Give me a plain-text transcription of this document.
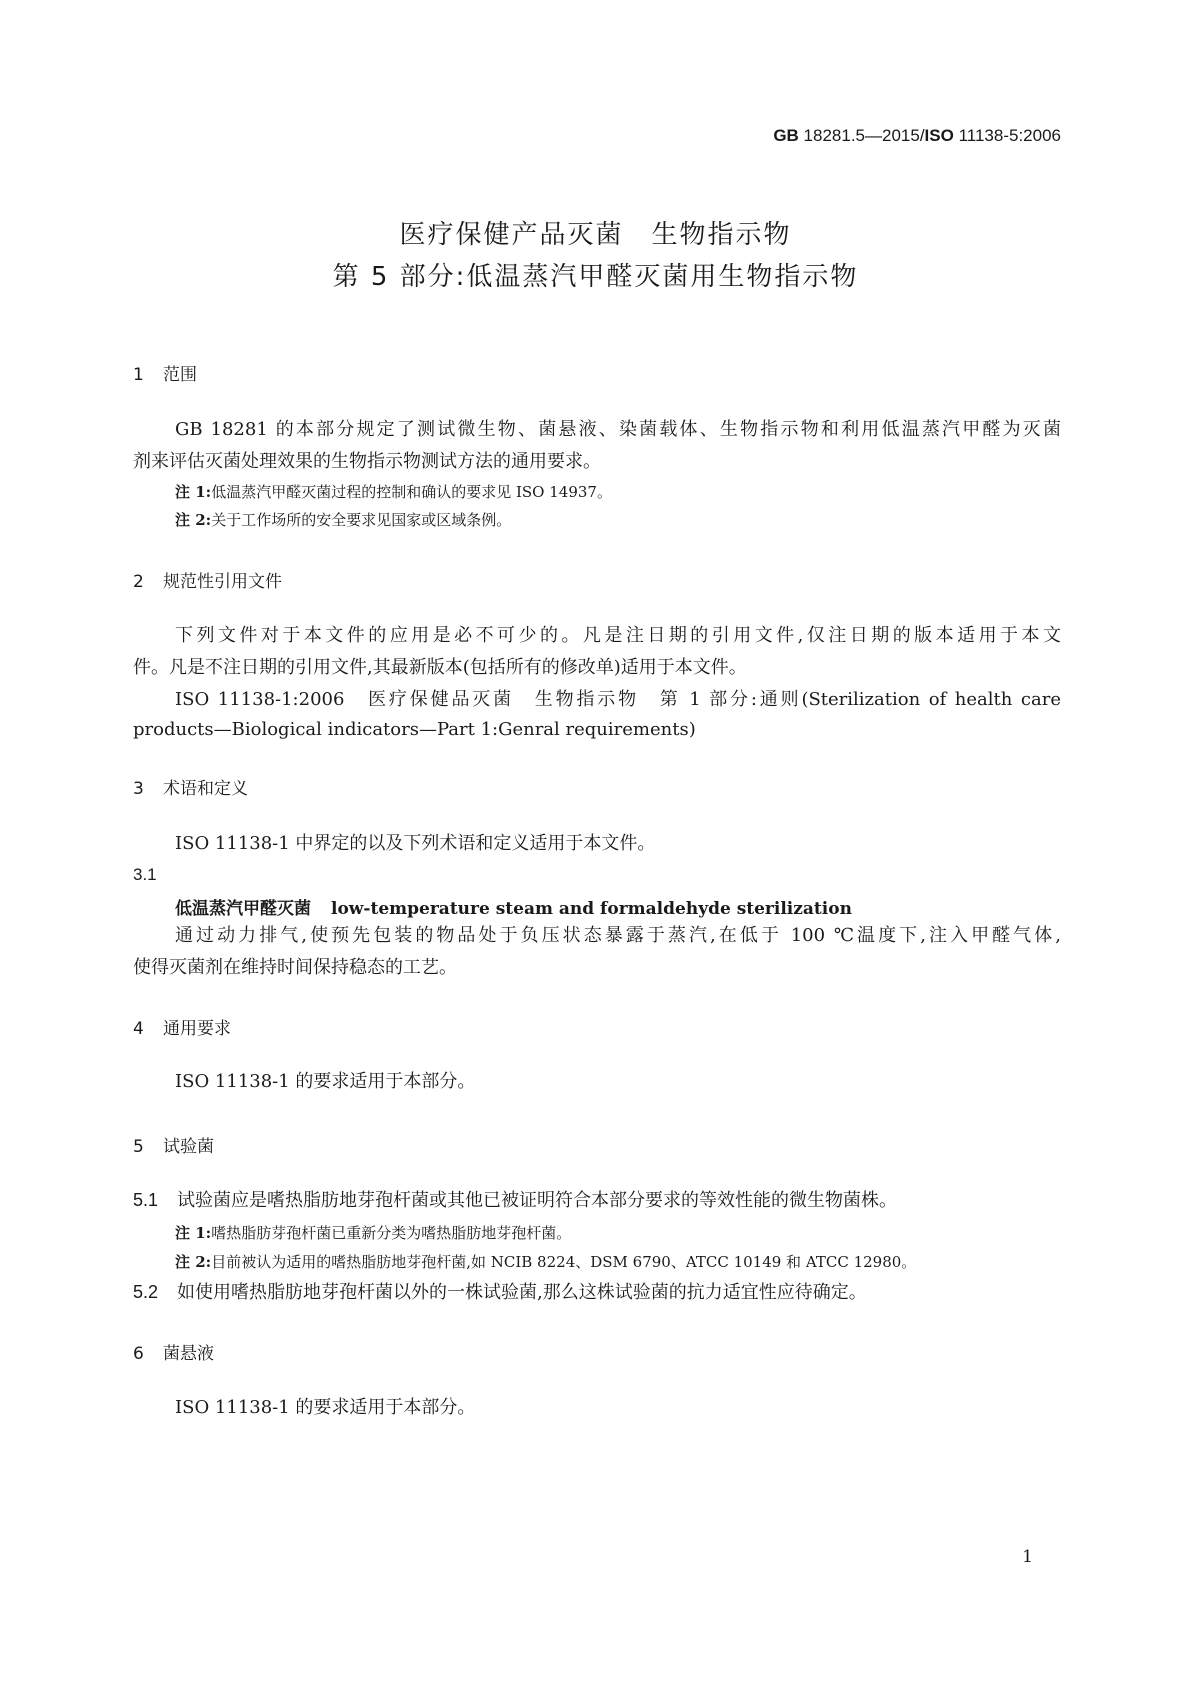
GB 18281.5—2015/ISO 11138-5:2006
医疗保健产品灭菌　生物指示物
第 5 部分:低温蒸汽甲醛灭菌用生物指示物
1 范围
GB 18281 的本部分规定了测试微生物、菌悬液、染菌载体、生物指示物和利用低温蒸汽甲醛为灭菌
剂来评估灭菌处理效果的生物指示物测试方法的通用要求。
注 1:低温蒸汽甲醛灭菌过程的控制和确认的要求见 ISO 14937。
注 2:关于工作场所的安全要求见国家或区域条例。
2 规范性引用文件
下列文件对于本文件的应用是必不可少的。凡是注日期的引用文件,仅注日期的版本适用于本文
件。凡是不注日期的引用文件,其最新版本(包括所有的修改单)适用于本文件。
ISO 11138-1:2006　医疗保健品灭菌　生物指示物　第 1 部分:通则(Sterilization of health care
products—Biological indicators—Part 1:Genral requirements)
3 术语和定义
ISO 11138-1 中界定的以及下列术语和定义适用于本文件。
3.1
低温蒸汽甲醛灭菌 low-temperature steam and formaldehyde sterilization
通过动力排气,使预先包装的物品处于负压状态暴露于蒸汽,在低于 100 ℃温度下,注入甲醛气体,
使得灭菌剂在维持时间保持稳态的工艺。
4 通用要求
ISO 11138-1 的要求适用于本部分。
5 试验菌
5.1 试验菌应是嗜热脂肪地芽孢杆菌或其他已被证明符合本部分要求的等效性能的微生物菌株。
注 1:嗜热脂肪芽孢杆菌已重新分类为嗜热脂肪地芽孢杆菌。
注 2:目前被认为适用的嗜热脂肪地芽孢杆菌,如 NCIB 8224、DSM 6790、ATCC 10149 和 ATCC 12980。
5.2 如使用嗜热脂肪地芽孢杆菌以外的一株试验菌,那么这株试验菌的抗力适宜性应待确定。
6 菌悬液
ISO 11138-1 的要求适用于本部分。
1
